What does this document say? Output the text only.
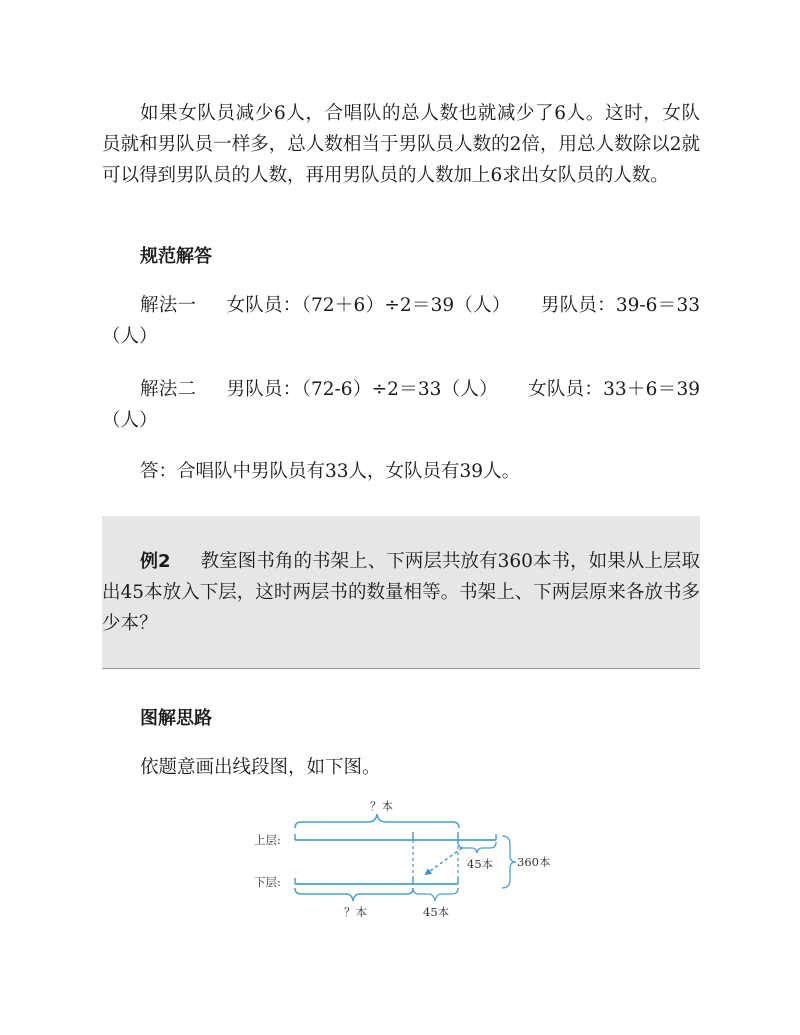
如果女队员减少6人，合唱队的总人数也就减少了6人。这时，女队员就和男队员一样多，总人数相当于男队员人数的2倍，用总人数除以2就可以得到男队员的人数，再用男队员的人数加上6求出女队员的人数。

规范解答

解法一 女队员：（72＋6）÷2＝39（人） 男队员：39-6＝33（人）

解法二 男队员：（72-6）÷2＝33（人） 女队员：33＋6＝39（人）

答：合唱队中男队员有33人，女队员有39人。

例2 教室图书角的书架上、下两层共放有360本书，如果从上层取出45本放入下层，这时两层书的数量相等。书架上、下两层原来各放书多少本？

图解思路

依题意画出线段图，如下图。

上层:
下层:
？本
45本 360本
？本	45本
